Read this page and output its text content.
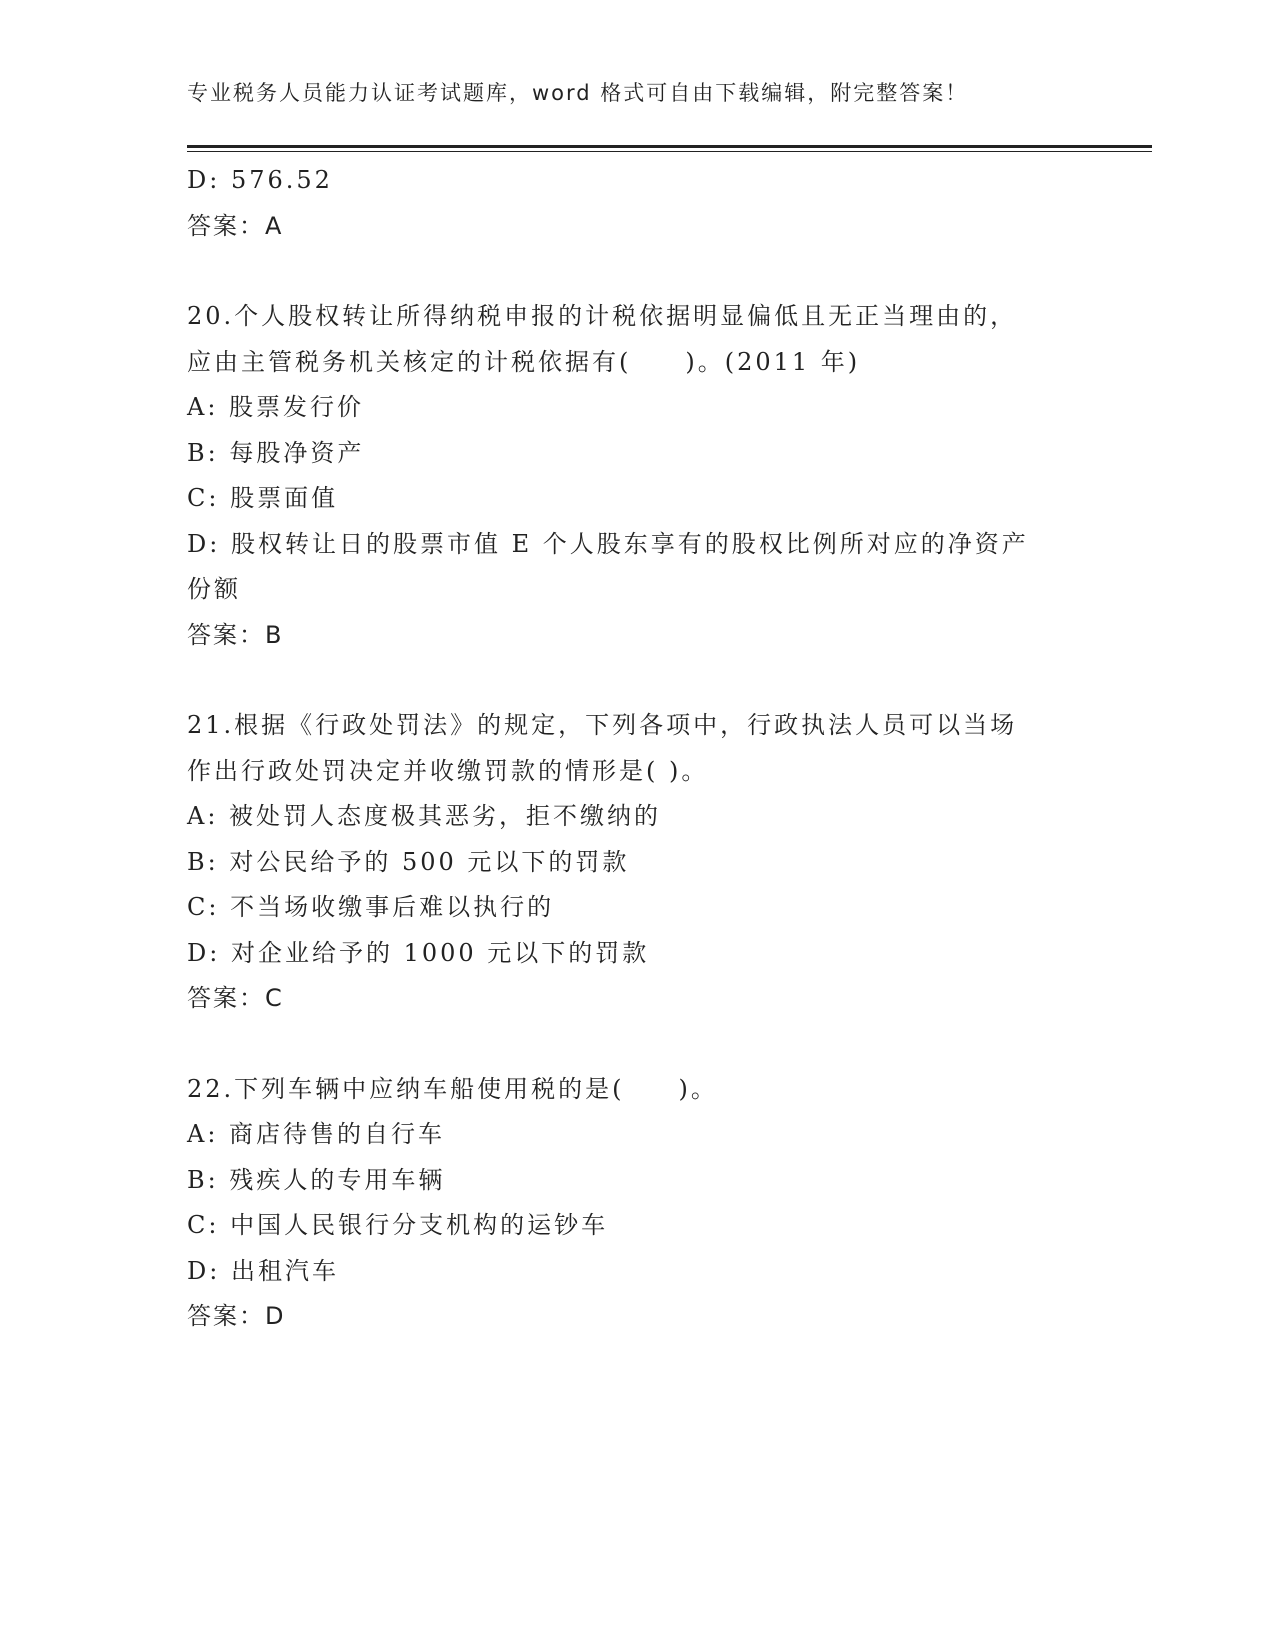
专业税务人员能力认证考试题库，word 格式可自由下载编辑，附完整答案！
D: 576.52
答案：A
20.个人股权转让所得纳税申报的计税依据明显偏低且无正当理由的，
应由主管税务机关核定的计税依据有(　　)。(2011 年)
A: 股票发行价
B: 每股净资产
C: 股票面值
D: 股权转让日的股票市值 E 个人股东享有的股权比例所对应的净资产
份额
答案：B
21.根据《行政处罚法》的规定，下列各项中，行政执法人员可以当场
作出行政处罚决定并收缴罚款的情形是( )。
A: 被处罚人态度极其恶劣，拒不缴纳的
B: 对公民给予的 500 元以下的罚款
C: 不当场收缴事后难以执行的
D: 对企业给予的 1000 元以下的罚款
答案：C
22.下列车辆中应纳车船使用税的是(　　)。
A: 商店待售的自行车
B: 残疾人的专用车辆
C: 中国人民银行分支机构的运钞车
D: 出租汽车
答案：D
